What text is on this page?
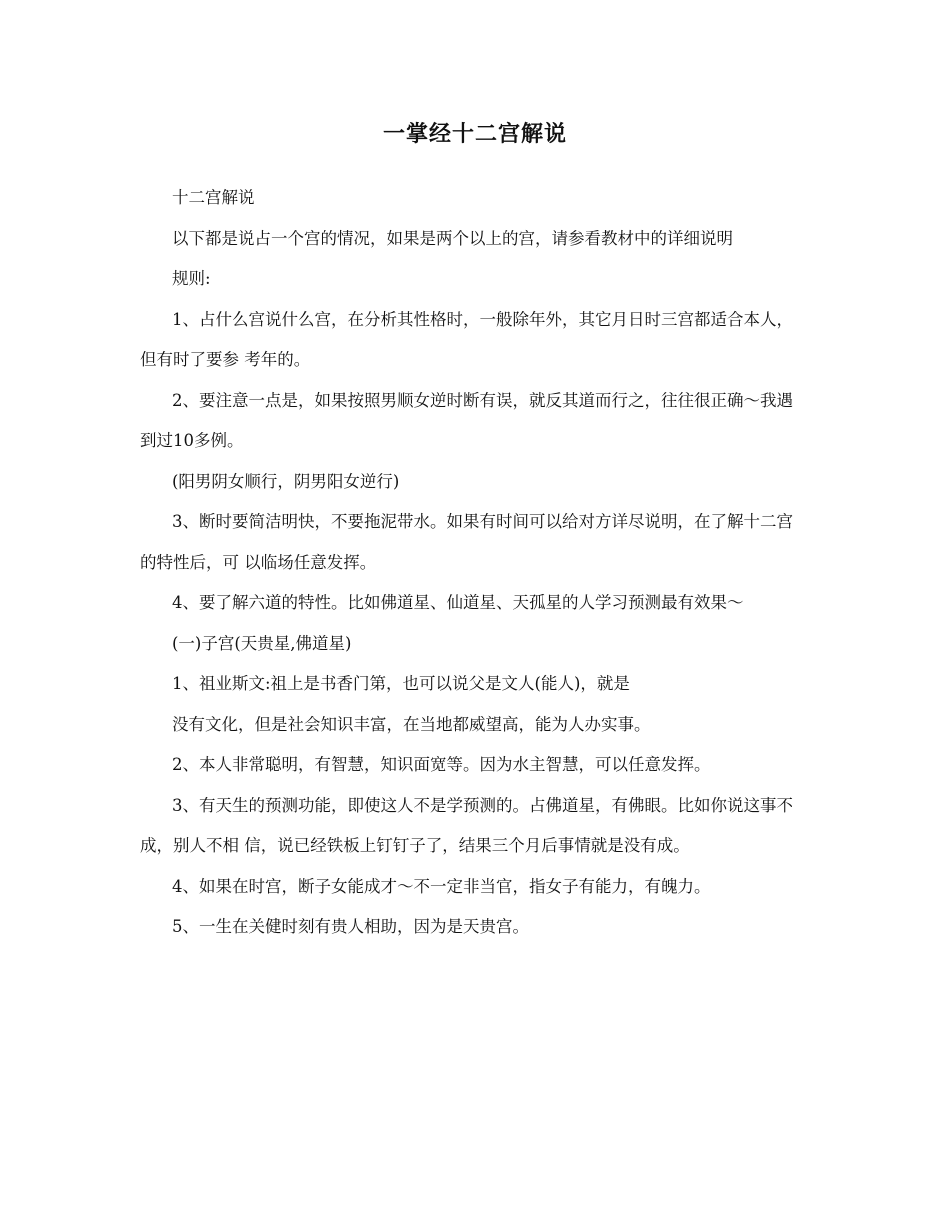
一掌经十二宫解说

十二宫解说

以下都是说占一个宫的情况，如果是两个以上的宫，请参看教材中的详细说明

规则:

1、占什么宫说什么宫，在分析其性格时，一般除年外，其它月日时三宫都适合本人，但有时了要参 考年的。

2、要注意一点是，如果按照男顺女逆时断有误，就反其道而行之，往往很正确～我遇到过10多例。

(阳男阴女顺行，阴男阳女逆行)

3、断时要简洁明快，不要拖泥带水。如果有时间可以给对方详尽说明，在了解十二宫的特性后，可 以临场任意发挥。

4、要了解六道的特性。比如佛道星、仙道星、天孤星的人学习预测最有效果～

(一)子宫(天贵星,佛道星)

1、祖业斯文:祖上是书香门第，也可以说父是文人(能人)，就是

没有文化，但是社会知识丰富，在当地都威望高，能为人办实事。

2、本人非常聪明，有智慧，知识面宽等。因为水主智慧，可以任意发挥。

3、有天生的预测功能，即使这人不是学预测的。占佛道星，有佛眼。比如你说这事不成，别人不相 信，说已经铁板上钉钉子了，结果三个月后事情就是没有成。

4、如果在时宫，断子女能成才～不一定非当官，指女子有能力，有魄力。

5、一生在关健时刻有贵人相助，因为是天贵宫。
